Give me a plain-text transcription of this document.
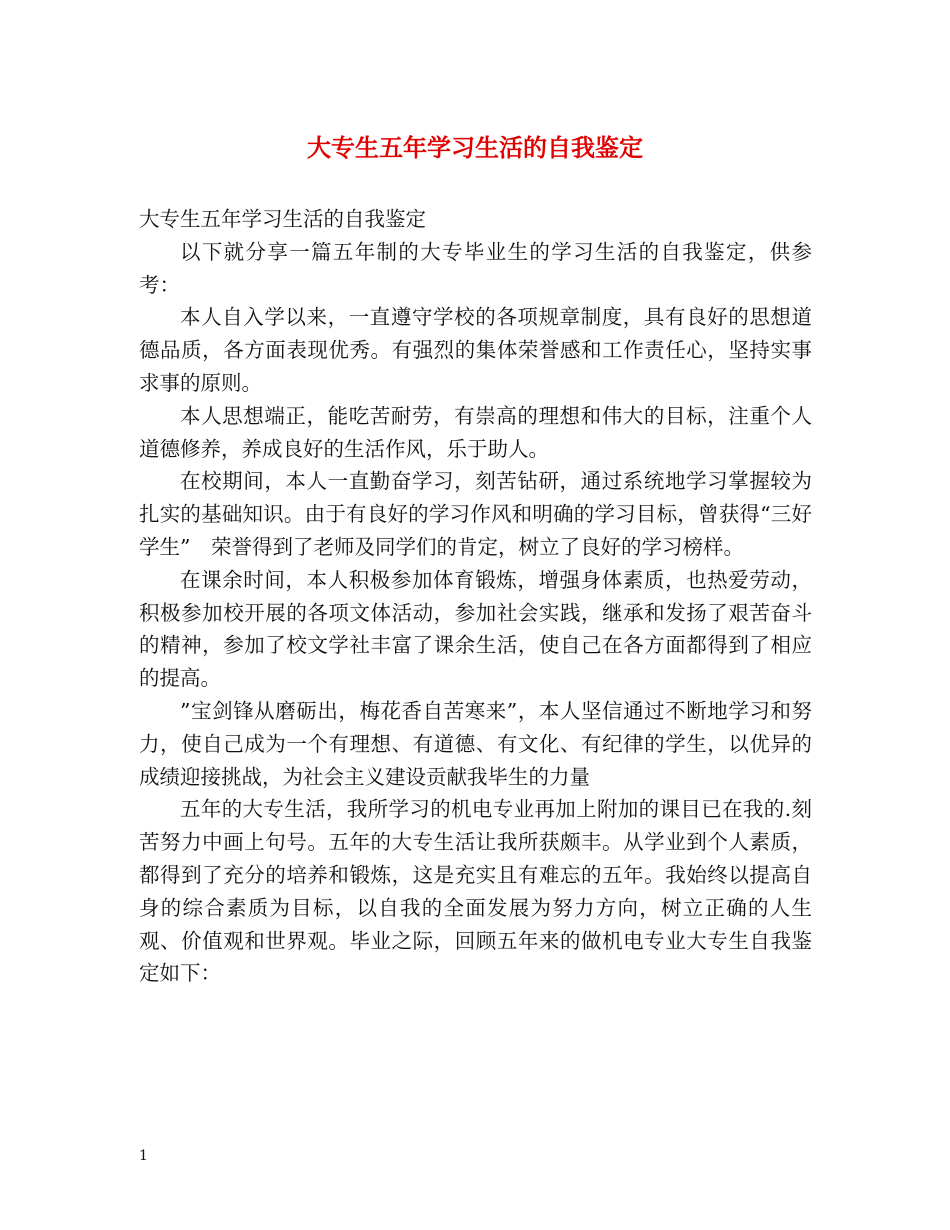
大专生五年学习生活的自我鉴定

大专生五年学习生活的自我鉴定

以下就分享一篇五年制的大专毕业生的学习生活的自我鉴定，供参考：

本人自入学以来，一直遵守学校的各项规章制度，具有良好的思想道　德品质，各方面表现优秀。有强烈的集体荣誉感和工作责任心，坚持实事求事的原则。

本人思想端正，能吃苦耐劳，有崇高的理想和伟大的目标，注重个人道德修养，养成良好的生活作风，乐于助人。

在校期间，本人一直勤奋学习，刻苦钻研，通过系统地学习掌握较为扎实的基础知识。由于有良好的学习作风和明确的学习目标，曾获得“三好学生”　荣誉得到了老师及同学们的肯定，树立了良好的学习榜样。

在课余时间，本人积极参加体育锻炼，增强身体素质，也热爱劳动，积极参加校开展的各项文体活动，参加社会实践，继承和发扬了艰苦奋斗的精神，参加了校文学社丰富了课余生活，使自己在各方面都得到了相应的提高。

”宝剑锋从磨砺出，梅花香自苦寒来”，本人坚信通过不断地学习和努力，使自己成为一个有理想、有道德、有文化、有纪律的学生，以优异的成绩迎接挑战，为社会主义建设贡献我毕生的力量

五年的大专生活，我所学习的机电专业再加上附加的课目已在我的.刻苦努力中画上句号。五年的大专生活让我所获颇丰。从学业到个人素质，都得到了充分的培养和锻炼，这是充实且有难忘的五年。我始终以提高自身的综合素质为目标，以自我的全面发展为努力方向，树立正确的人生观、价值观和世界观。毕业之际，回顾五年来的做机电专业大专生自我鉴定如下：

1
